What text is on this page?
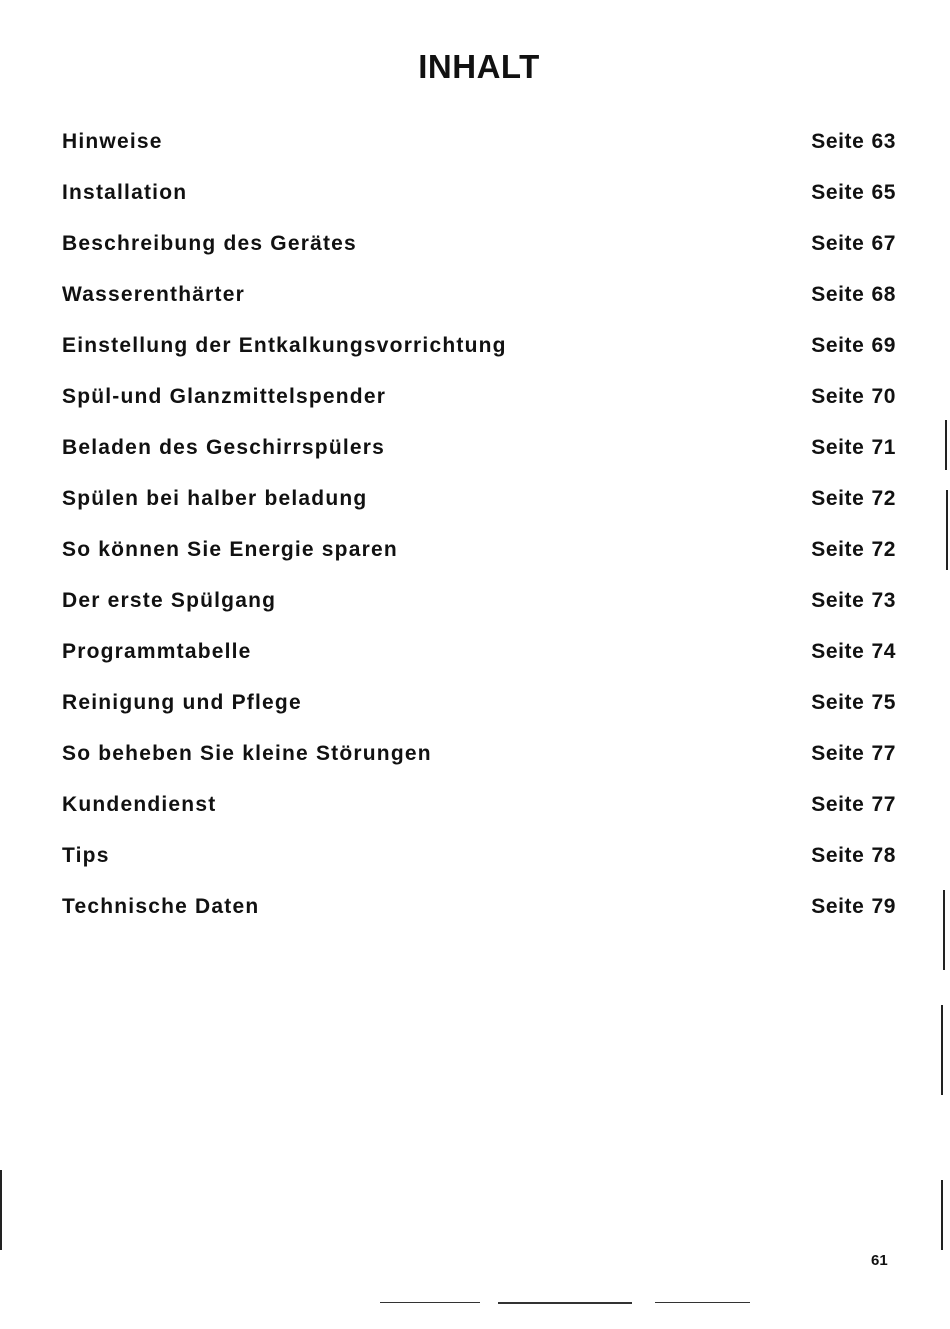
INHALT
Hinweise	Seite 63
Installation	Seite 65
Beschreibung des Gerätes	Seite 67
Wasserenthärter	Seite 68
Einstellung der Entkalkungsvorrichtung	Seite 69
Spül-und Glanzmittelspender	Seite 70
Beladen des Geschirrspülers	Seite 71
Spülen bei halber beladung	Seite 72
So können Sie Energie sparen	Seite 72
Der erste Spülgang	Seite 73
Programmtabelle	Seite 74
Reinigung und Pflege	Seite 75
So beheben Sie kleine Störungen	Seite 77
Kundendienst	Seite 77
Tips	Seite 78
Technische Daten	Seite 79
61
